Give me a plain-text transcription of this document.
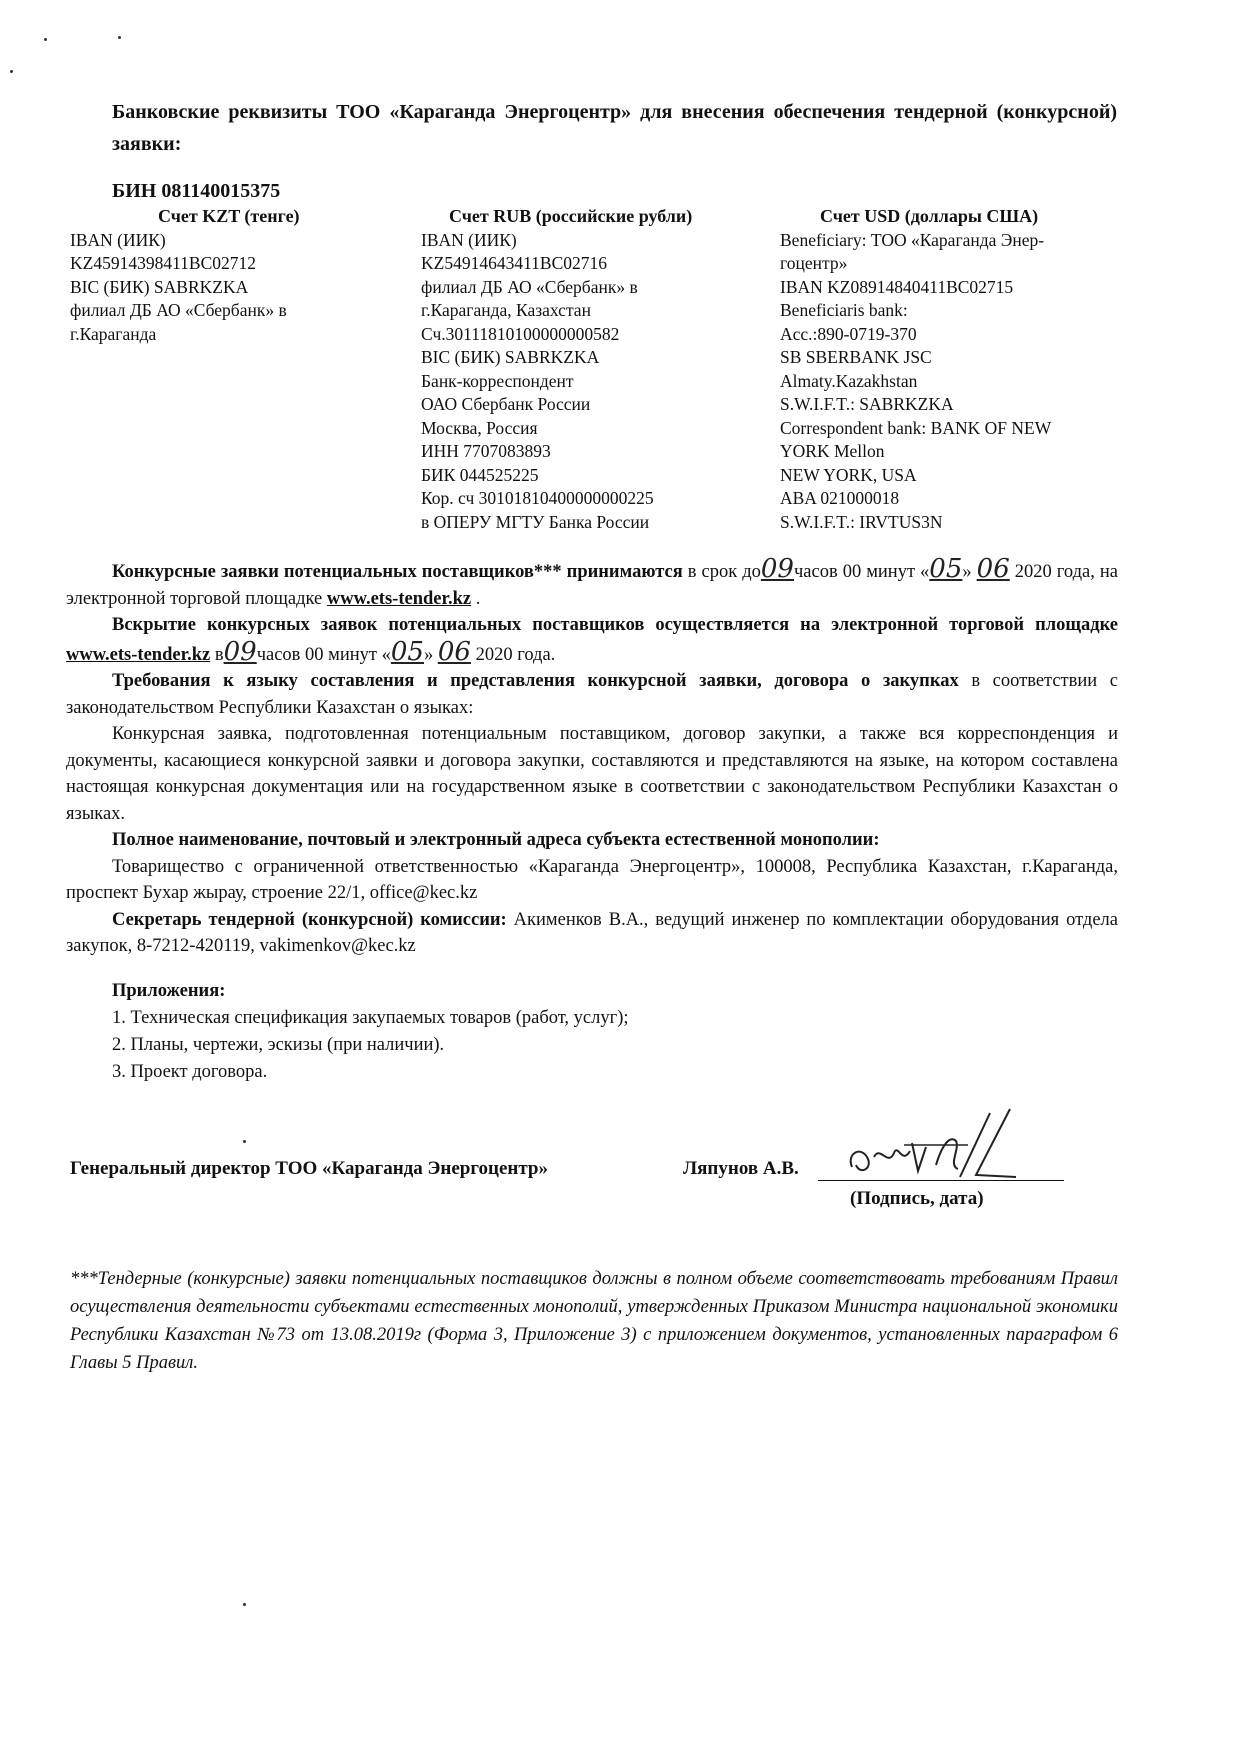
Банковские реквизиты ТОО «Караганда Энергоцентр» для внесения обеспечения тендерной (конкурсной) заявки:
БИН 081140015375
Счет KZT (тенге)
IBAN (ИИК)
KZ45914398411BC02712
BIC (БИК) SABRKZKA
филиал ДБ АО «Сбербанк» в
г.Караганда
Счет RUB (российские рубли)
IBAN (ИИК)
KZ54914643411BC02716
филиал ДБ АО «Сбербанк» в
г.Караганда, Казахстан
Сч.30111810100000000582
BIC (БИК) SABRKZKA
Банк-корреспондент
ОАО Сбербанк России
Москва, Россия
ИНН 7707083893
БИК 044525225
Кор. сч 30101810400000000225
в ОПЕРУ МГТУ Банка России
Счет USD (доллары США)
Beneficiary: ТОО «Караганда Энер-
гоцентр»
IBAN KZ08914840411BC02715
Beneficiaris bank:
Acc.:890-0719-370
SB SBERBANK JSC
Almaty.Kazakhstan
S.W.I.F.T.: SABRKZKA
Correspondent bank: BANK OF NEW
YORK Mellon
NEW YORK, USA
ABA 021000018
S.W.I.F.T.: IRVTUS3N

Конкурсные заявки потенциальных поставщиков*** принимаются в срок до09часов 00 минут «05» 06 2020 года, на электронной торговой площадке www.ets-tender.kz .

Вскрытие конкурсных заявок потенциальных поставщиков осуществляется на электронной торговой площадке www.ets-tender.kz в09часов 00 минут «05» 06 2020 года.

Требования к языку составления и представления конкурсной заявки, договора о закупках в соответствии с законодательством Республики Казахстан о языках:

Конкурсная заявка, подготовленная потенциальным поставщиком, договор закупки, а также вся корреспонденция и документы, касающиеся конкурсной заявки и договора закупки, составляются и представляются на языке, на котором составлена настоящая конкурсная документация или на государственном языке в соответствии с законодательством Республики Казахстан о языках.

Полное наименование, почтовый и электронный адреса субъекта естественной монополии:

Товарищество с ограниченной ответственностью «Караганда Энергоцентр», 100008, Республика Казахстан, г.Караганда, проспект Бухар жырау, строение 22/1, office@kec.kz

Секретарь тендерной (конкурсной) комиссии: Акименков В.А., ведущий инженер по комплектации оборудования отдела закупок, 8-7212-420119, vakimenkov@kec.kz

Приложения:
1. Техническая спецификация закупаемых товаров (работ, услуг);
2. Планы, чертежи, эскизы (при наличии).
3. Проект договора.
Генеральный директор ТОО «Караганда Энергоцентр»	Ляпунов А.В.
(Подпись, дата)
***Тендерные (конкурсные) заявки потенциальных поставщиков должны в полном объеме соответствовать требованиям Правил осуществления деятельности субъектами естественных монополий, утвержденных Приказом Министра национальной экономики Республики Казахстан №73 от 13.08.2019г (Форма 3, Приложение 3) с приложением документов, установленных параграфом 6 Главы 5 Правил.
